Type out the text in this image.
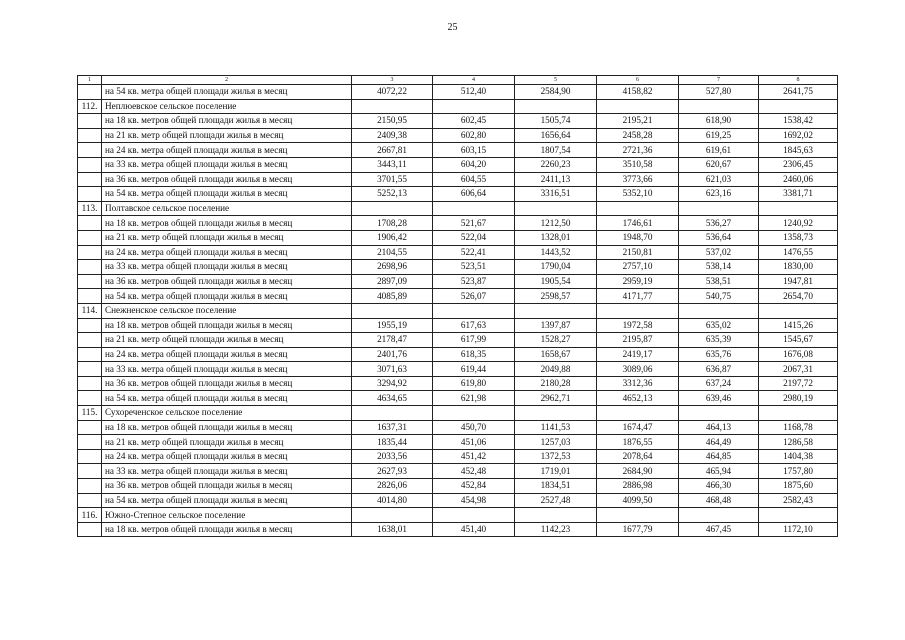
25
1	2	3	4	5	6	7	8
	на 54 кв. метра общей площади жилья в месяц	4072,22	512,40	2584,90	4158,82	527,80	2641,75
112.	Неплюевское сельское поселение						
	на 18 кв. метров общей площади жилья в месяц	2150,95	602,45	1505,74	2195,21	618,90	1538,42
	на 21 кв. метр общей площади жилья в месяц	2409,38	602,80	1656,64	2458,28	619,25	1692,02
	на 24 кв. метра общей площади жилья в месяц	2667,81	603,15	1807,54	2721,36	619,61	1845,63
	на 33 кв. метра общей площади жилья в месяц	3443,11	604,20	2260,23	3510,58	620,67	2306,45
	на 36 кв. метров общей площади жилья в месяц	3701,55	604,55	2411,13	3773,66	621,03	2460,06
	на 54 кв. метра общей площади жилья в месяц	5252,13	606,64	3316,51	5352,10	623,16	3381,71
113.	Полтавское сельское поселение						
	на 18 кв. метров общей площади жилья в месяц	1708,28	521,67	1212,50	1746,61	536,27	1240,92
	на 21 кв. метр общей площади жилья в месяц	1906,42	522,04	1328,01	1948,70	536,64	1358,73
	на 24 кв. метра общей площади жилья в месяц	2104,55	522,41	1443,52	2150,81	537,02	1476,55
	на 33 кв. метра общей площади жилья в месяц	2698,96	523,51	1790,04	2757,10	538,14	1830,00
	на 36 кв. метров общей площади жилья в месяц	2897,09	523,87	1905,54	2959,19	538,51	1947,81
	на 54 кв. метра общей площади жилья в месяц	4085,89	526,07	2598,57	4171,77	540,75	2654,70
114.	Снежненское сельское поселение						
	на 18 кв. метров общей площади жилья в месяц	1955,19	617,63	1397,87	1972,58	635,02	1415,26
	на 21 кв. метр общей площади жилья в месяц	2178,47	617,99	1528,27	2195,87	635,39	1545,67
	на 24 кв. метра общей площади жилья в месяц	2401,76	618,35	1658,67	2419,17	635,76	1676,08
	на 33 кв. метра общей площади жилья в месяц	3071,63	619,44	2049,88	3089,06	636,87	2067,31
	на 36 кв. метров общей площади жилья в месяц	3294,92	619,80	2180,28	3312,36	637,24	2197,72
	на 54 кв. метра общей площади жилья в месяц	4634,65	621,98	2962,71	4652,13	639,46	2980,19
115.	Сухореченское сельское поселение						
	на 18 кв. метров общей площади жилья в месяц	1637,31	450,70	1141,53	1674,47	464,13	1168,78
	на 21 кв. метр общей площади жилья в месяц	1835,44	451,06	1257,03	1876,55	464,49	1286,58
	на 24 кв. метра общей площади жилья в месяц	2033,56	451,42	1372,53	2078,64	464,85	1404,38
	на 33 кв. метра общей площади жилья в месяц	2627,93	452,48	1719,01	2684,90	465,94	1757,80
	на 36 кв. метров общей площади жилья в месяц	2826,06	452,84	1834,51	2886,98	466,30	1875,60
	на 54 кв. метра общей площади жилья в месяц	4014,80	454,98	2527,48	4099,50	468,48	2582,43
116.	Южно-Степное сельское поселение						
	на 18 кв. метров общей площади жилья в месяц	1638,01	451,40	1142,23	1677,79	467,45	1172,10
